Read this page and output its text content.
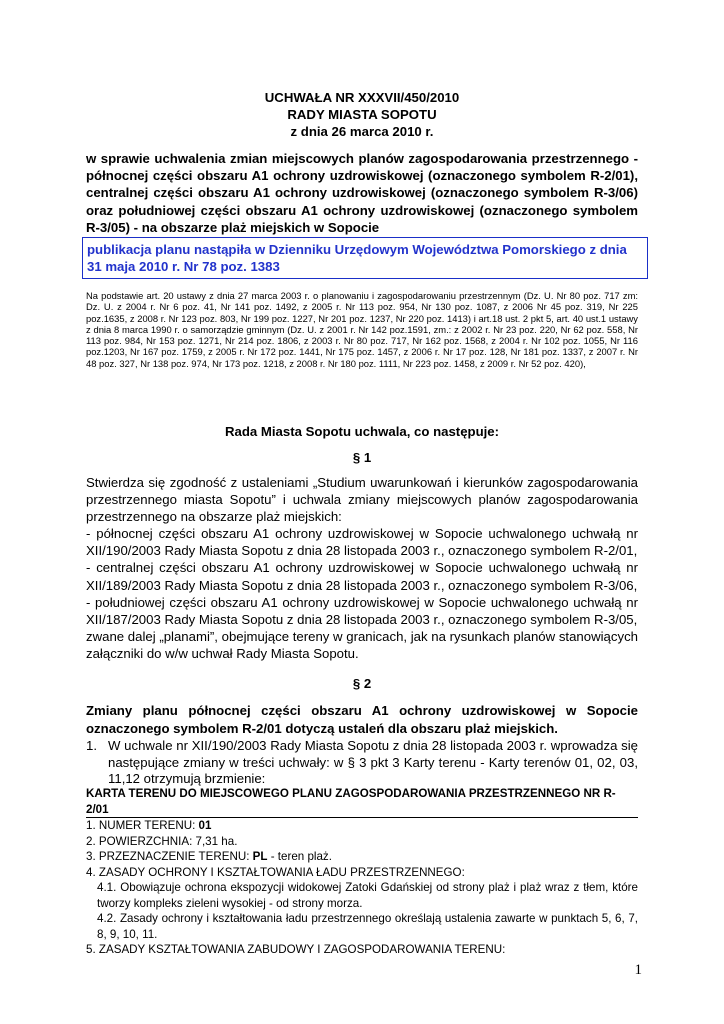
UCHWAŁA NR XXXVII/450/2010
RADY MIASTA SOPOTU
z dnia 26 marca 2010 r.
w sprawie uchwalenia zmian miejscowych planów zagospodarowania przestrzennego - północnej części obszaru A1 ochrony uzdrowiskowej (oznaczonego symbolem R-2/01), centralnej części obszaru A1 ochrony uzdrowiskowej (oznaczonego symbolem R-3/06) oraz południowej części obszaru A1 ochrony uzdrowiskowej (oznaczonego symbolem R-3/05) - na obszarze plaż miejskich w Sopocie
publikacja planu nastąpiła w Dzienniku Urzędowym Województwa Pomorskiego z dnia 31 maja 2010 r. Nr 78 poz. 1383
Na podstawie art. 20 ustawy z dnia 27 marca 2003 r. o planowaniu i zagospodarowaniu przestrzennym (Dz. U. Nr 80 poz. 717 zm: Dz. U. z 2004 r. Nr 6 poz. 41, Nr 141 poz. 1492, z 2005 r. Nr 113 poz. 954, Nr 130 poz. 1087, z 2006 Nr 45 poz. 319, Nr 225 poz.1635, z 2008 r. Nr 123 poz. 803, Nr 199 poz. 1227, Nr 201 poz. 1237, Nr 220 poz. 1413) i art.18 ust. 2 pkt 5, art. 40 ust.1 ustawy z dnia 8 marca 1990 r. o samorządzie gminnym (Dz. U. z 2001 r. Nr 142 poz.1591, zm.: z 2002 r. Nr 23 poz. 220, Nr 62 poz. 558, Nr 113 poz. 984, Nr 153 poz. 1271, Nr 214 poz. 1806, z 2003 r. Nr 80 poz. 717, Nr 162 poz. 1568, z 2004 r. Nr 102 poz. 1055, Nr 116 poz.1203, Nr 167 poz. 1759, z 2005 r. Nr 172 poz. 1441, Nr 175 poz. 1457, z 2006 r. Nr 17 poz. 128, Nr 181 poz. 1337, z 2007 r. Nr 48 poz. 327, Nr 138 poz. 974, Nr 173 poz. 1218, z 2008 r. Nr 180 poz. 1111, Nr 223 poz. 1458, z 2009 r. Nr 52 poz. 420),
Rada Miasta Sopotu uchwala, co następuje:
§ 1

Stwierdza się zgodność z ustaleniami „Studium uwarunkowań i kierunków zagospodarowania przestrzennego miasta Sopotu” i uchwala zmiany miejscowych planów zagospodarowania przestrzennego na obszarze plaż miejskich:

- północnej części obszaru A1 ochrony uzdrowiskowej w Sopocie uchwalonego uchwałą nr XII/190/2003 Rady Miasta Sopotu z dnia 28 listopada 2003 r., oznaczonego symbolem R-2/01,

- centralnej części obszaru A1 ochrony uzdrowiskowej w Sopocie uchwalonego uchwałą nr XII/189/2003 Rady Miasta Sopotu z dnia 28 listopada 2003 r., oznaczonego symbolem R-3/06,

- południowej części obszaru A1 ochrony uzdrowiskowej w Sopocie uchwalonego uchwałą nr XII/187/2003 Rady Miasta Sopotu z dnia 28 listopada 2003 r., oznaczonego symbolem R-3/05,

zwane dalej „planami”, obejmujące tereny w granicach, jak na rysunkach planów stanowiących załączniki do w/w uchwał Rady Miasta Sopotu.

§ 2
Zmiany planu północnej części obszaru A1 ochrony uzdrowiskowej w Sopocie oznaczonego symbolem R-2/01 dotyczą ustaleń dla obszaru plaż miejskich.
1. W uchwale nr XII/190/2003 Rady Miasta Sopotu z dnia 28 listopada 2003 r. wprowadza się następujące zmiany w treści uchwały: w § 3 pkt 3 Karty terenu - Karty terenów 01, 02, 03, 11,12 otrzymują brzmienie:
KARTA TERENU DO MIEJSCOWEGO PLANU ZAGOSPODAROWANIA PRZESTRZENNEGO NR R-2/01
1. NUMER TERENU: 01
2. POWIERZCHNIA: 7,31 ha.
3. PRZEZNACZENIE TERENU: PL - teren plaż.
4. ZASADY OCHRONY I KSZTAŁTOWANIA ŁADU PRZESTRZENNEGO:
4.1. Obowiązuje ochrona ekspozycji widokowej Zatoki Gdańskiej od strony plaż i plaż wraz z tłem, które tworzy kompleks zieleni wysokiej - od strony morza.
4.2. Zasady ochrony i kształtowania ładu przestrzennego określają ustalenia zawarte w punktach 5, 6, 7, 8, 9, 10, 11.
5. ZASADY KSZTAŁTOWANIA ZABUDOWY I ZAGOSPODAROWANIA TERENU:
1
